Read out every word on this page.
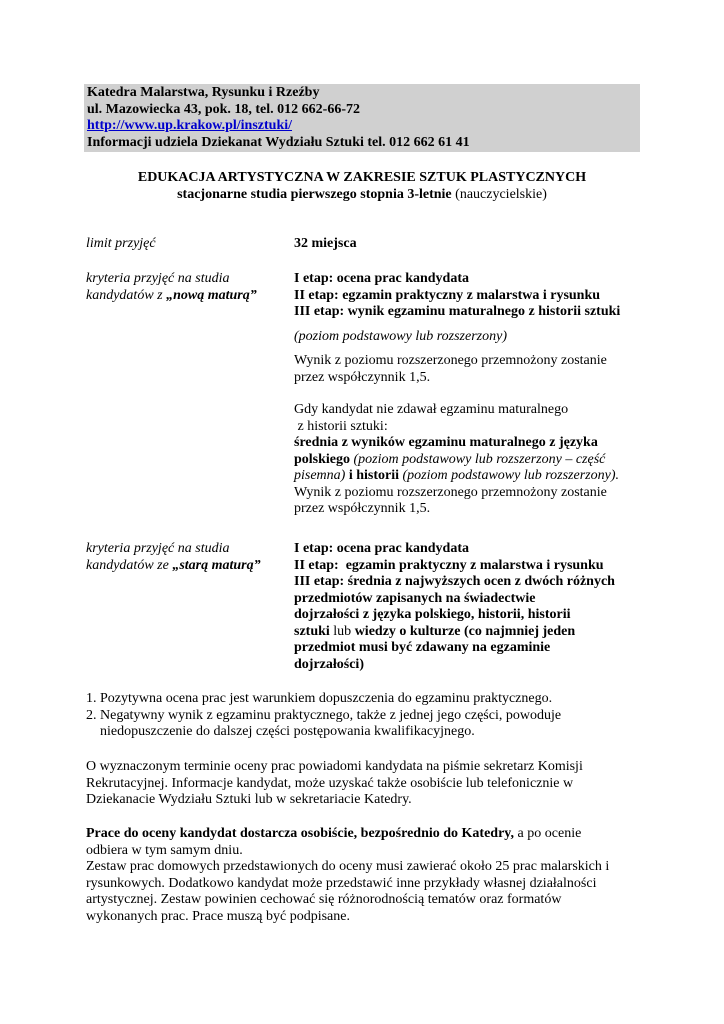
Katedra Malarstwa, Rysunku i Rzeźby
ul. Mazowiecka 43, pok. 18, tel. 012 662-66-72
http://www.up.krakow.pl/insztuki/
Informacji udziela Dziekanat Wydziału Sztuki tel. 012 662 61 41
EDUKACJA ARTYSTYCZNA W ZAKRESIE SZTUK PLASTYCZNYCH
stacjonarne studia pierwszego stopnia 3-letnie (nauczycielskie)
limit przyjęć	32 miejsca
kryteria przyjęć na studia
kandydatów z „nową maturą”
I etap: ocena prac kandydata
II etap: egzamin praktyczny z malarstwa i rysunku
III etap: wynik egzaminu maturalnego z historii sztuki
(poziom podstawowy lub rozszerzony)
Wynik z poziomu rozszerzonego przemnożony zostanie
przez współczynnik 1,5.
Gdy kandydat nie zdawał egzaminu maturalnego
z historii sztuki:
średnia z wyników egzaminu maturalnego z języka
polskiego (poziom podstawowy lub rozszerzony – część
pisemna) i historii (poziom podstawowy lub rozszerzony).
Wynik z poziomu rozszerzonego przemnożony zostanie
przez współczynnik 1,5.
kryteria przyjęć na studia
kandydatów ze „starą maturą”
I etap: ocena prac kandydata
II etap:  egzamin praktyczny z malarstwa i rysunku
III etap: średnia z najwyższych ocen z dwóch różnych
przedmiotów zapisanych na świadectwie
dojrzałości z języka polskiego, historii, historii
sztuki lub wiedzy o kulturze (co najmniej jeden
przedmiot musi być zdawany na egzaminie
dojrzałości)
1. Pozytywna ocena prac jest warunkiem dopuszczenia do egzaminu praktycznego.
2. Negatywny wynik z egzaminu praktycznego, także z jednej jego części, powoduje niedopuszczenie do dalszej części postępowania kwalifikacyjnego.
O wyznaczonym terminie oceny prac powiadomi kandydata na piśmie sekretarz Komisji Rekrutacyjnej. Informacje kandydat, może uzyskać także osobiście lub telefonicznie w Dziekanacie Wydziału Sztuki lub w sekretariacie Katedry.
Prace do oceny kandydat dostarcza osobiście, bezpośrednio do Katedry, a po ocenie odbiera w tym samym dniu.
Zestaw prac domowych przedstawionych do oceny musi zawierać około 25 prac malarskich i rysunkowych. Dodatkowo kandydat może przedstawić inne przykłady własnej działalności artystycznej. Zestaw powinien cechować się różnorodnością tematów oraz formatów wykonanych prac. Prace muszą być podpisane.
